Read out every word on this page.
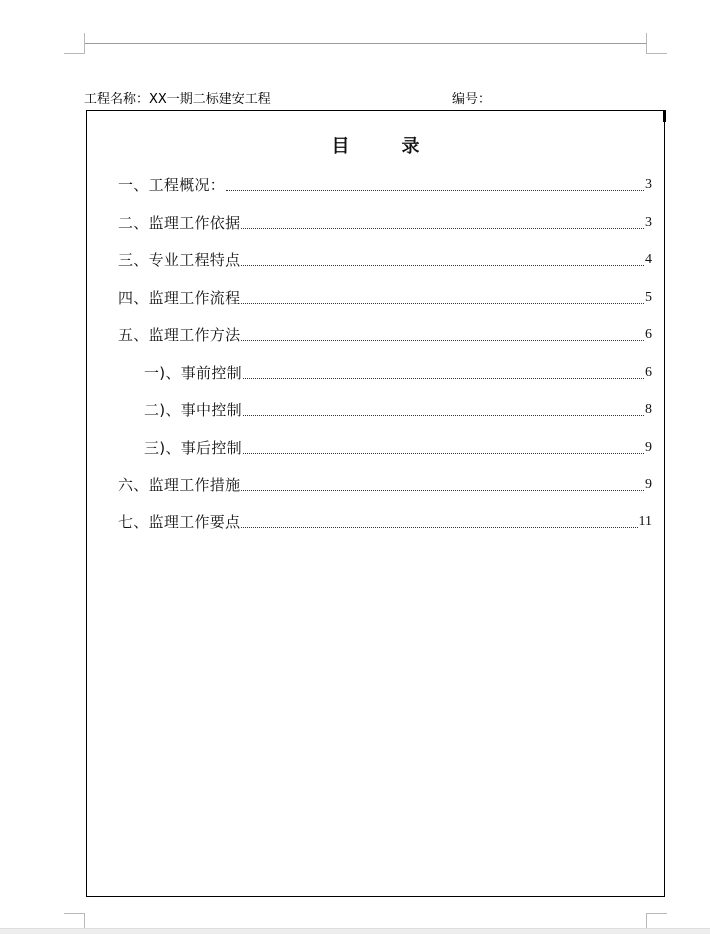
工程名称：XX一期二标建安工程	编号：
目录
一、工程概况：	3
二、监理工作依据	3
三、专业工程特点	4
四、监理工作流程	5
五、监理工作方法	6
一)、事前控制	6
二)、事中控制	8
三)、事后控制	9
六、监理工作措施	9
七、监理工作要点	11
